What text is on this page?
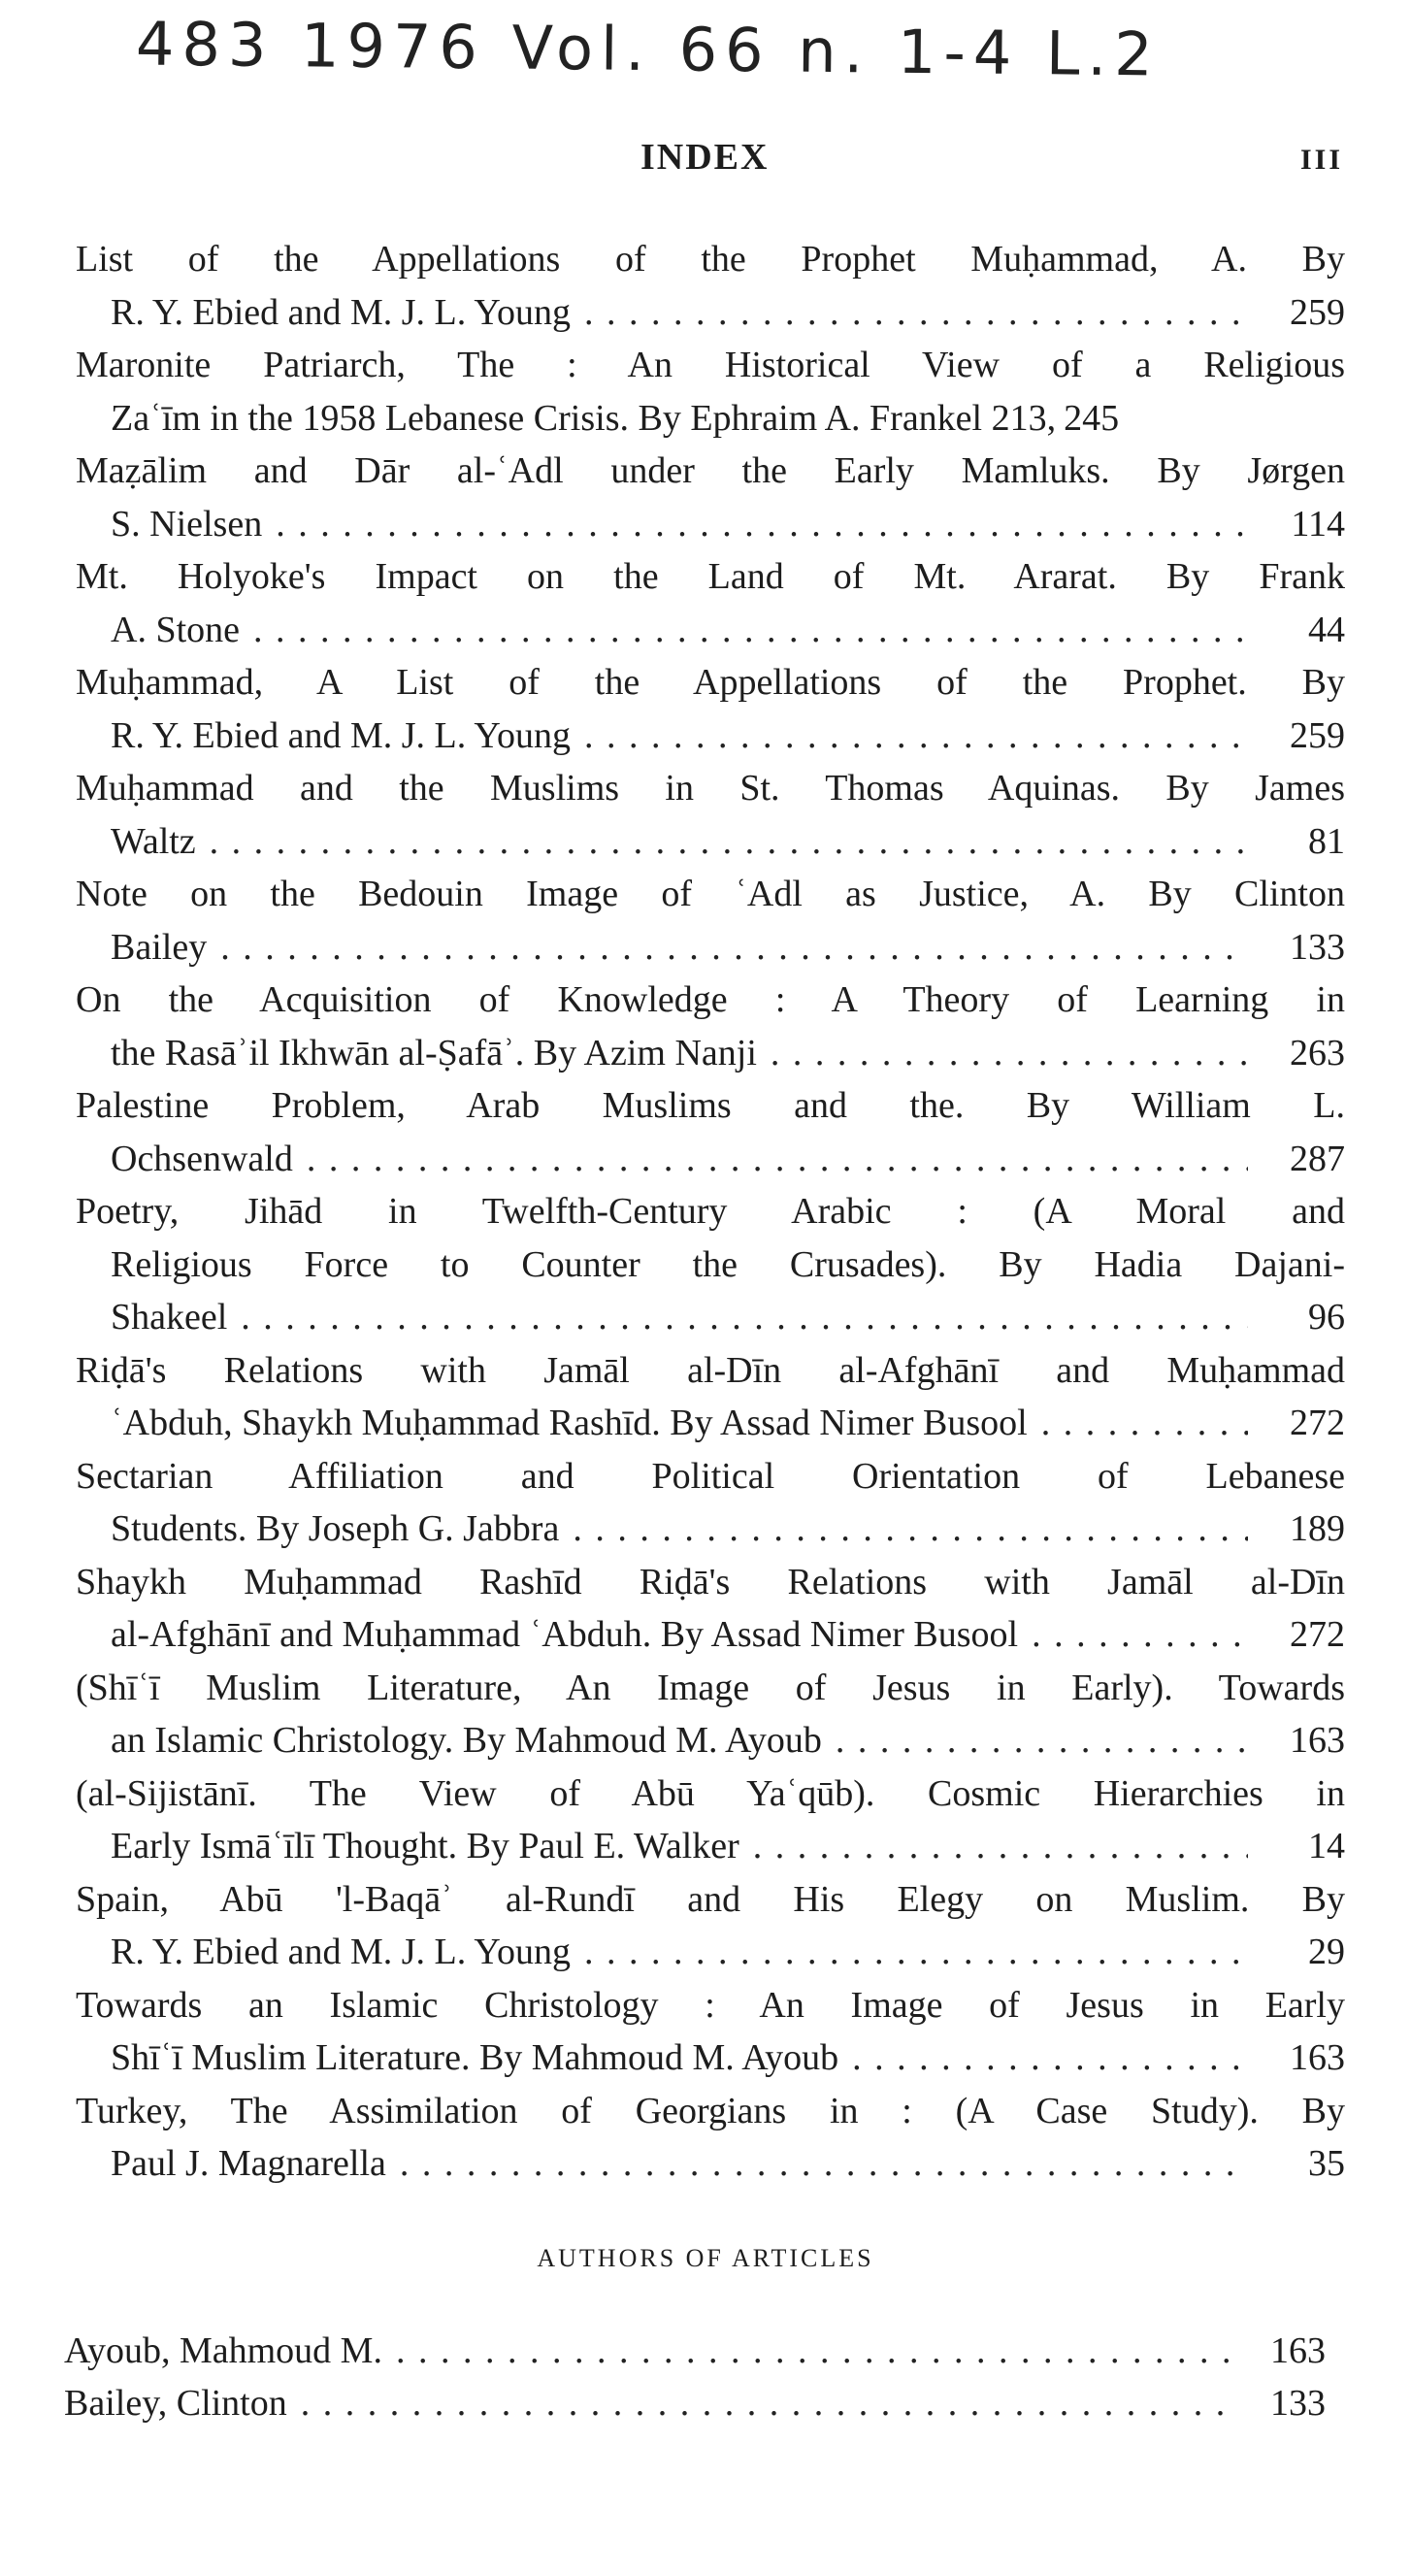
483 1976 Vol. 66 n. 1-4 L.2
INDEX	III
List of the Appellations of the Prophet Muḥammad, A. By
R. Y. Ebied and M. J. L. Young . . .	259
Maronite Patriarch, The : An Historical View of a Religious
Zaʿīm in the 1958 Lebanese Crisis. By Ephraim A. Frankel 213, 245
Maẓālim and Dār al-ʿAdl under the Early Mamluks. By Jørgen
S. Nielsen . . .	114
Mt. Holyoke's Impact on the Land of Mt. Ararat. By Frank
A. Stone . . .	44
Muḥammad, A List of the Appellations of the Prophet. By
R. Y. Ebied and M. J. L. Young . . .	259
Muḥammad and the Muslims in St. Thomas Aquinas. By James
Waltz . . .	81
Note on the Bedouin Image of ʿAdl as Justice, A. By Clinton
Bailey . . .	133
On the Acquisition of Knowledge : A Theory of Learning in
the Rasāʾil Ikhwān al-Ṣafāʾ. By Azim Nanji . . .	263
Palestine Problem, Arab Muslims and the. By William L.
Ochsenwald . . .	287
Poetry, Jihād in Twelfth-Century Arabic : (A Moral and
Religious Force to Counter the Crusades). By Hadia Dajani-
Shakeel . . .	96
Riḍā's Relations with Jamāl al-Dīn al-Afghānī and Muḥammad
ʿAbduh, Shaykh Muḥammad Rashīd. By Assad Nimer Busool . . .	272
Sectarian Affiliation and Political Orientation of Lebanese
Students. By Joseph G. Jabbra . . .	189
Shaykh Muḥammad Rashīd Riḍā's Relations with Jamāl al-Dīn
al-Afghānī and Muḥammad ʿAbduh. By Assad Nimer Busool . . .	272
(Shīʿī Muslim Literature, An Image of Jesus in Early). Towards
an Islamic Christology. By Mahmoud M. Ayoub . . .	163
(al-Sijistānī. The View of Abū Yaʿqūb). Cosmic Hierarchies in
Early Ismāʿīlī Thought. By Paul E. Walker . . .	14
Spain, Abū 'l-Baqāʾ al-Rundī and His Elegy on Muslim. By
R. Y. Ebied and M. J. L. Young . . .	29
Towards an Islamic Christology : An Image of Jesus in Early
Shīʿī Muslim Literature. By Mahmoud M. Ayoub . . .	163
Turkey, The Assimilation of Georgians in : (A Case Study). By
Paul J. Magnarella . . .	35
AUTHORS OF ARTICLES
Ayoub, Mahmoud M. . . .	163
Bailey, Clinton . . .	133
